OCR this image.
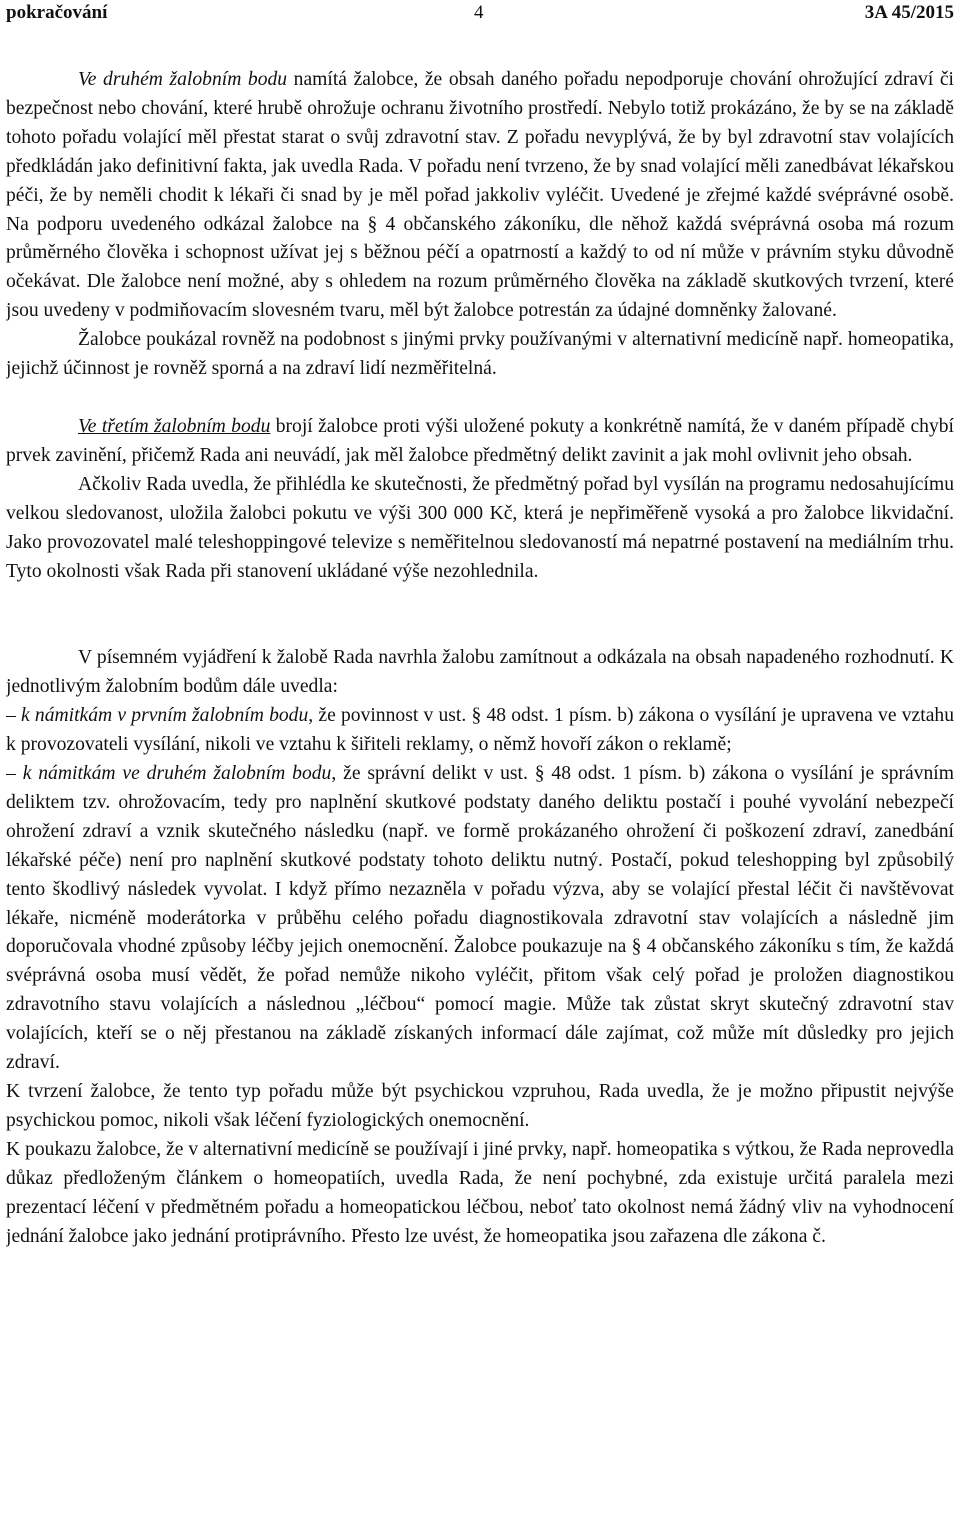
pokračování	4	3A 45/2015

Ve druhém žalobním bodu namítá žalobce, že obsah daného pořadu nepodporuje chování ohrožující zdraví či bezpečnost nebo chování, které hrubě ohrožuje ochranu životního prostředí. Nebylo totiž prokázáno, že by se na základě tohoto pořadu volající měl přestat starat o svůj zdravotní stav. Z pořadu nevyplývá, že by byl zdravotní stav volajících předkládán jako definitivní fakta, jak uvedla Rada. V pořadu není tvrzeno, že by snad volající měli zanedbávat lékařskou péči, že by neměli chodit k lékaři či snad by je měl pořad jakkoliv vyléčit. Uvedené je zřejmé každé svéprávné osobě. Na podporu uvedeného odkázal žalobce na § 4 občanského zákoníku, dle něhož každá svéprávná osoba má rozum průměrného člověka i schopnost užívat jej s běžnou péčí a opatrností a každý to od ní může v právním styku důvodně očekávat. Dle žalobce není možné, aby s ohledem na rozum průměrného člověka na základě skutkových tvrzení, které jsou uvedeny v podmiňovacím slovesném tvaru, měl být žalobce potrestán za údajné domněnky žalované.

Žalobce poukázal rovněž na podobnost s jinými prvky používanými v alternativní medicíně např. homeopatika, jejichž účinnost je rovněž sporná a na zdraví lidí nezměřitelná.

Ve třetím žalobním bodu brojí žalobce proti výši uložené pokuty a konkrétně namítá, že v daném případě chybí prvek zavinění, přičemž Rada ani neuvádí, jak měl žalobce předmětný delikt zavinit a jak mohl ovlivnit jeho obsah.

Ačkoliv Rada uvedla, že přihlédla ke skutečnosti, že předmětný pořad byl vysílán na programu nedosahujícímu velkou sledovanost, uložila žalobci pokutu ve výši 300 000 Kč, která je nepřiměřeně vysoká a pro žalobce likvidační. Jako provozovatel malé teleshoppingové televize s neměřitelnou sledovaností má nepatrné postavení na mediálním trhu. Tyto okolnosti však Rada při stanovení ukládané výše nezohlednila.

V písemném vyjádření k žalobě Rada navrhla žalobu zamítnout a odkázala na obsah napadeného rozhodnutí. K jednotlivým žalobním bodům dále uvedla:

– k námitkám v prvním žalobním bodu, že povinnost v ust. § 48 odst. 1 písm. b) zákona o vysílání je upravena ve vztahu k provozovateli vysílání, nikoli ve vztahu k šiřiteli reklamy, o němž hovoří zákon o reklamě;

– k námitkám ve druhém žalobním bodu, že správní delikt v ust. § 48 odst. 1 písm. b) zákona o vysílání je správním deliktem tzv. ohrožovacím, tedy pro naplnění skutkové podstaty daného deliktu postačí i pouhé vyvolání nebezpečí ohrožení zdraví a vznik skutečného následku (např. ve formě prokázaného ohrožení či poškození zdraví, zanedbání lékařské péče) není pro naplnění skutkové podstaty tohoto deliktu nutný. Postačí, pokud teleshopping byl způsobilý tento škodlivý následek vyvolat. I když přímo nezazněla v pořadu výzva, aby se volající přestal léčit či navštěvovat lékaře, nicméně moderátorka v průběhu celého pořadu diagnostikovala zdravotní stav volajících a následně jim doporučovala vhodné způsoby léčby jejich onemocnění. Žalobce poukazuje na § 4 občanského zákoníku s tím, že každá svéprávná osoba musí vědět, že pořad nemůže nikoho vyléčit, přitom však celý pořad je proložen diagnostikou zdravotního stavu volajících a následnou „léčbou“ pomocí magie. Může tak zůstat skryt skutečný zdravotní stav volajících, kteří se o něj přestanou na základě získaných informací dále zajímat, což může mít důsledky pro jejich zdraví.

K tvrzení žalobce, že tento typ pořadu může být psychickou vzpruhou, Rada uvedla, že je možno připustit nejvýše psychickou pomoc, nikoli však léčení fyziologických onemocnění.

K poukazu žalobce, že v alternativní medicíně se používají i jiné prvky, např. homeopatika s výtkou, že Rada neprovedla důkaz předloženým článkem o homeopatiích, uvedla Rada, že není pochybné, zda existuje určitá paralela mezi prezentací léčení v předmětném pořadu a homeopatickou léčbou, neboť tato okolnost nemá žádný vliv na vyhodnocení jednání žalobce jako jednání protiprávního. Přesto lze uvést, že homeopatika jsou zařazena dle zákona č.
